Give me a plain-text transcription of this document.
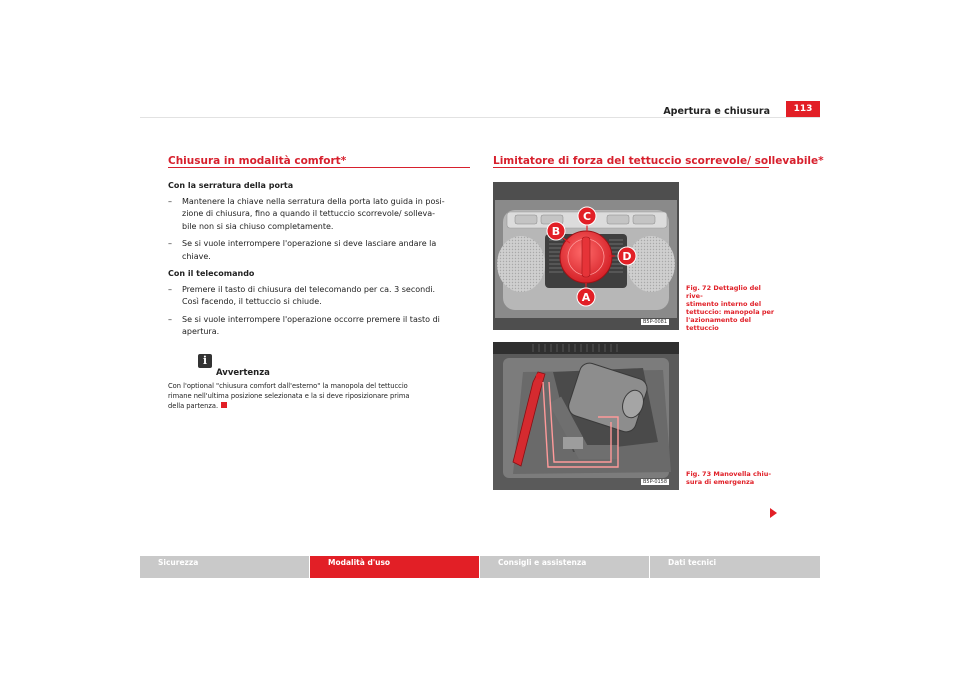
Apertura e chiusura	113
Chiusura in modalità comfort*
Con la serratura della porta
– Mantenere la chiave nella serratura della porta lato guida in posi-
zione di chiusura, fino a quando il tettuccio scorrevole/ solleva-
bile non si sia chiuso completamente.
– Se si vuole interrompere l'operazione si deve lasciare andare la
chiave.
Con il telecomando
– Premere il tasto di chiusura del telecomando per ca. 3 secondi.
Così facendo, il tettuccio si chiude.
– Se si vuole interrompere l'operazione occorre premere il tasto di
apertura.
i
Avvertenza
Con l'optional "chiusura comfort dall'esterno" la manopola del tettuccio
rimane nell'ultima posizione selezionata e la si deve riposizionare prima
della partenza.
Limitatore di forza del tettuccio scorrevole/ sollevabile*
A
B
C
D
B5P-0081
Fig. 72 Dettaglio del rive-
stimento interno del
tettuccio: manopola per
l'azionamento del
tettuccio
B5P-0158
Fig. 73 Manovella chiu-
sura di emergenza
Sicurezza	Modalità d'uso	Consigli e assistenza	Dati tecnici
